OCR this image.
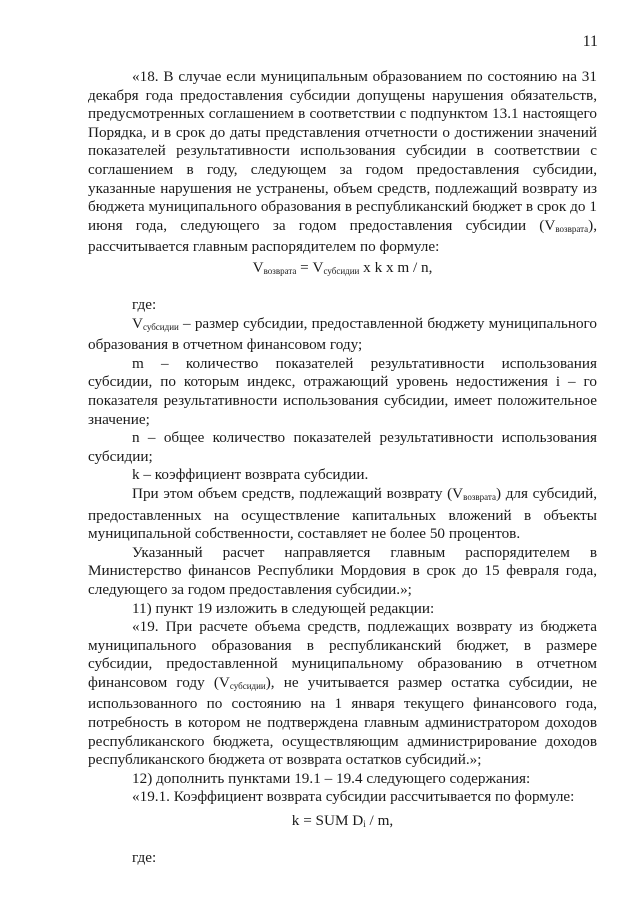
11
«18. В случае если муниципальным образованием по состоянию на 31 декабря года предоставления субсидии допущены нарушения обязательств, предусмотренных соглашением в соответствии с подпунктом 13.1 настоящего Порядка, и в срок до даты представления отчетности о достижении значений показателей результативности использования субсидии в соответствии с соглашением в году, следующем за годом предоставления субсидии, указанные нарушения не устранены, объем средств, подлежащий возврату из бюджета муниципального образования в республиканский бюджет в срок до 1 июня года, следующего за годом предоставления субсидии $(V_{возврата})$, рассчитывается главным распорядителем по формуле:
$V_{возврата} = V_{субсидии}$ x k x m / n,
где:
$V_{субсидии}$ – размер субсидии, предоставленной бюджету муниципального образования в отчетном финансовом году;
m – количество показателей результативности использования субсидии, по которым индекс, отражающий уровень недостижения i – го показателя результативности использования субсидии, имеет положительное значение;
n – общее количество показателей результативности использования субсидии;
k – коэффициент возврата субсидии.
При этом объем средств, подлежащий возврату $(V_{возврата})$ для субсидий, предоставленных на осуществление капитальных вложений в объекты муниципальной собственности, составляет не более 50 процентов.
Указанный расчет направляется главным распорядителем в Министерство финансов Республики Мордовия в срок до 15 февраля года, следующего за годом предоставления субсидии.»;
11) пункт 19 изложить в следующей редакции:
«19. При расчете объема средств, подлежащих возврату из бюджета муниципального образования в республиканский бюджет, в размере субсидии, предоставленной муниципальному образованию в отчетном финансовом году $(V_{субсидии})$, не учитывается размер остатка субсидии, не использованного по состоянию на 1 января текущего финансового года, потребность в котором не подтверждена главным администратором доходов республиканского бюджета, осуществляющим администрирование доходов республиканского бюджета от возврата остатков субсидий.»;
12) дополнить пунктами 19.1 – 19.4 следующего содержания:
«19.1. Коэффициент возврата субсидии рассчитывается по формуле:
k = SUM $D_i$ / m,
где:
